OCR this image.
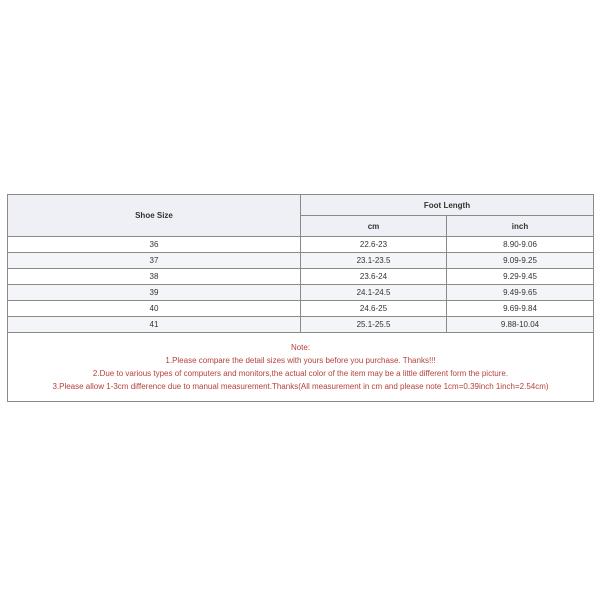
Shoe Size	Foot Length	
	cm	inch
36	22.6-23	8.90-9.06
37	23.1-23.5	9.09-9.25
38	23.6-24	9.29-9.45
39	24.1-24.5	9.49-9.65
40	24.6-25	9.69-9.84
41	25.1-25.5	9.88-10.04

Note:
1.Please compare the detail sizes with yours before you purchase. Thanks!!!
2.Due to various types of computers and monitors,the actual color of the item may be a little different form the picture.
3.Please allow 1-3cm difference due to manual measurement.Thanks(All measurement in cm and please note 1cm=0.39inch 1inch=2.54cm)		
